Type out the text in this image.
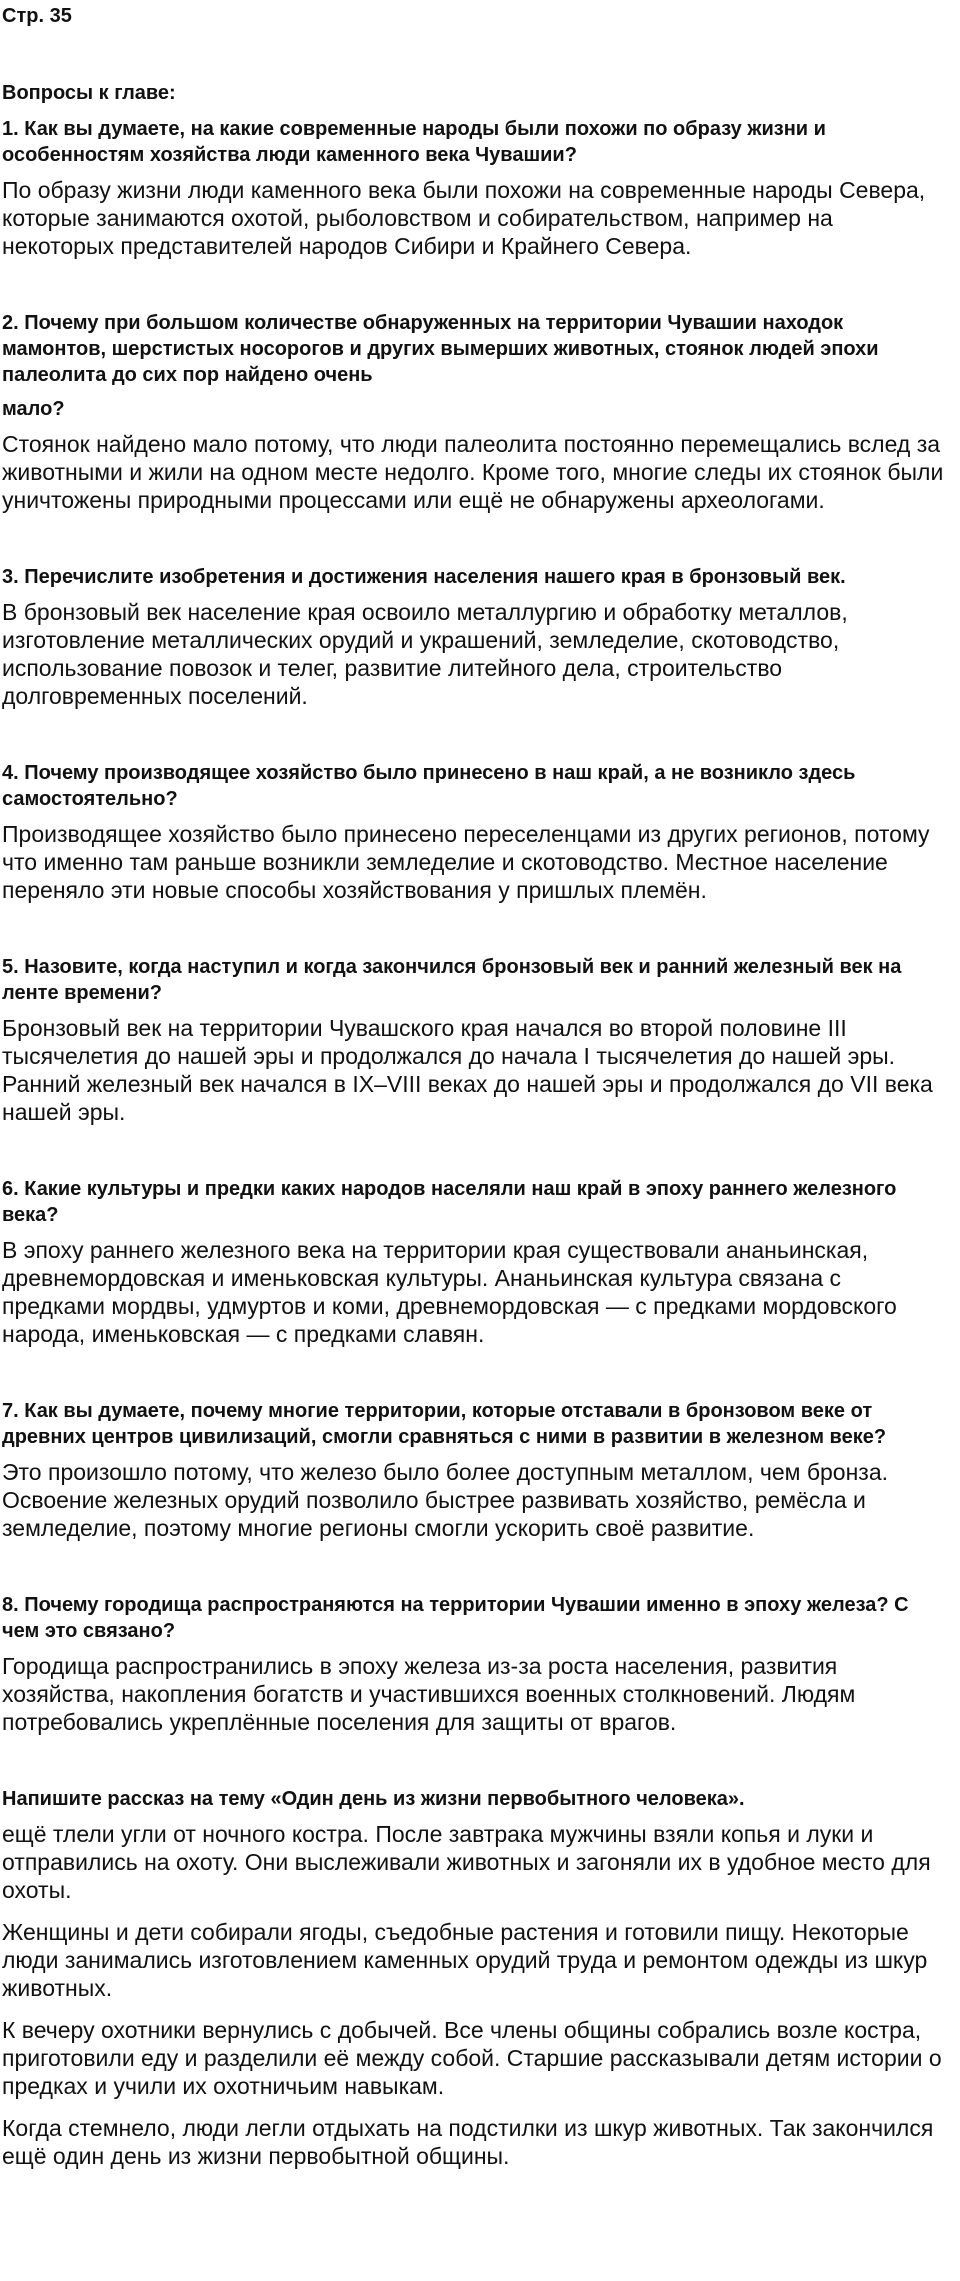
Стр. 35
Вопросы к главе:
1. Как вы думаете, на какие современные народы были похожи по образу жизни и особенностям хозяйства люди каменного века Чувашии?
По образу жизни люди каменного века были похожи на современные народы Севера, которые занимаются охотой, рыболовством и собирательством, например на некоторых представителей народов Сибири и Крайнего Севера.
2. Почему при большом количестве обнаруженных на территории Чувашии находок мамонтов, шерстистых носорогов и других вымерших животных, стоянок людей эпохи палеолита до сих пор найдено очень
мало?
Стоянок найдено мало потому, что люди палеолита постоянно перемещались вслед за животными и жили на одном месте недолго. Кроме того, многие следы их стоянок были уничтожены природными процессами или ещё не обнаружены археологами.
3. Перечислите изобретения и достижения населения нашего края в бронзовый век.
В бронзовый век население края освоило металлургию и обработку металлов, изготовление металлических орудий и украшений, земледелие, скотоводство, использование повозок и телег, развитие литейного дела, строительство долговременных поселений.
4. Почему производящее хозяйство было принесено в наш край, а не возникло здесь самостоятельно?
Производящее хозяйство было принесено переселенцами из других регионов, потому что именно там раньше возникли земледелие и скотоводство. Местное население переняло эти новые способы хозяйствования у пришлых племён.
5. Назовите, когда наступил и когда закончился бронзовый век и ранний железный век на ленте времени?
Бронзовый век на территории Чувашского края начался во второй половине III тысячелетия до нашей эры и продолжался до начала I тысячелетия до нашей эры. Ранний железный век начался в IX–VIII веках до нашей эры и продолжался до VII века нашей эры.
6. Какие культуры и предки каких народов населяли наш край в эпоху раннего железного века?
В эпоху раннего железного века на территории края существовали ананьинская, древнемордовская и именьковская культуры. Ананьинская культура связана с предками мордвы, удмуртов и коми, древнемордовская — с предками мордовского народа, именьковская — с предками славян.
7. Как вы думаете, почему многие территории, которые отставали в бронзовом веке от древних центров цивилизаций, смогли сравняться с ними в развитии в железном веке?
Это произошло потому, что железо было более доступным металлом, чем бронза. Освоение железных орудий позволило быстрее развивать хозяйство, ремёсла и земледелие, поэтому многие регионы смогли ускорить своё развитие.
8. Почему городища распространяются на территории Чувашии именно в эпоху железа? С чем это связано?
Городища распространились в эпоху железа из-за роста населения, развития хозяйства, накопления богатств и участившихся военных столкновений. Людям потребовались укреплённые поселения для защиты от врагов.
Напишите рассказ на тему «Один день из жизни первобытного человека».

ещё тлели угли от ночного костра. После завтрака мужчины взяли копья и луки и отправились на охоту. Они выслеживали животных и загоняли их в удобное место для охоты.

Женщины и дети собирали ягоды, съедобные растения и готовили пищу. Некоторые люди занимались изготовлением каменных орудий труда и ремонтом одежды из шкур животных.

К вечеру охотники вернулись с добычей. Все члены общины собрались возле костра, приготовили еду и разделили её между собой. Старшие рассказывали детям истории о предках и учили их охотничьим навыкам.

Когда стемнело, люди легли отдыхать на подстилки из шкур животных. Так закончился ещё один день из жизни первобытной общины.
